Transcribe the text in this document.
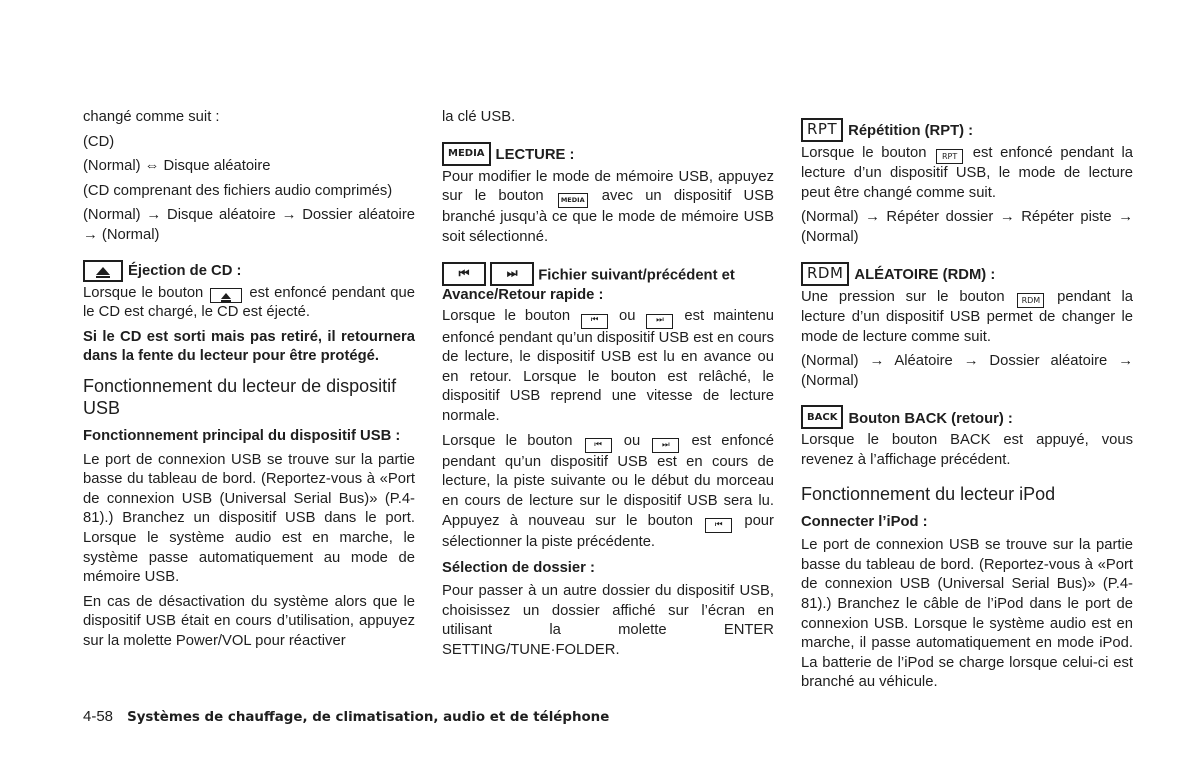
changé comme suit :

(CD)

(Normal) ⇔ Disque aléatoire

(CD comprenant des fichiers audio comprimés)

(Normal) → Disque aléatoire → Dossier aléatoire → (Normal)

Éjection de CD :

Lorsque le bouton	est enfoncé pendant que le CD est chargé, le CD est éjecté.

Si le CD est sorti mais pas retiré, il retournera dans la fente du lecteur pour être protégé.

Fonctionnement du lecteur de dispositif USB

Fonctionnement principal du dispositif USB :

Le port de connexion USB se trouve sur la partie basse du tableau de bord. (Reportez-vous à «Port de connexion USB (Universal Serial Bus)» (P.4-81).) Branchez un dispositif USB dans le port. Lorsque le système audio est en marche, le système passe automatiquement au mode de mémoire USB.

En cas de désactivation du système alors que le dispositif USB était en cours d’utilisation, appuyez sur la molette Power/VOL pour réactiver

la clé USB.

MEDIA LECTURE :

Pour modifier le mode de mémoire USB, appuyez sur le bouton	MEDIA avec un dispositif USB branché jusqu’à ce que le mode de mémoire USB soit sélectionné.

⏮	⏭ Fichier suivant/précédent et Avance/Retour rapide :

Lorsque le bouton ⏮ ou ⏭ est maintenu enfoncé pendant qu’un dispositif USB est en cours de lecture, le dispositif USB est lu en avance ou en retour. Lorsque le bouton est relâché, le dispositif USB reprend une vitesse de lecture normale.

Lorsque le bouton	⏮ ou	⏭ est enfoncé pendant qu’un dispositif USB est en cours de lecture, la piste suivante ou le début du morceau en cours de lecture sur le dispositif USB sera lu. Appuyez à nouveau sur le bouton	⏮ pour sélectionner la piste précédente.

Sélection de dossier :

Pour passer à un autre dossier du dispositif USB, choisissez un dossier affiché sur l’écran en utilisant la molette ENTER SETTING/TUNE·FOLDER.

RPT Répétition (RPT) :

Lorsque le bouton RPT est enfoncé pendant la lecture d’un dispositif USB, le mode de lecture peut être changé comme suit.

(Normal) → Répéter dossier → Répéter piste → (Normal)

RDM ALÉATOIRE (RDM) :

Une pression sur le bouton RDM pendant la lecture d’un dispositif USB permet de changer le mode de lecture comme suit.

(Normal) → Aléatoire → Dossier aléatoire → (Normal)

BACK Bouton BACK (retour) :

Lorsque le bouton BACK est appuyé, vous revenez à l’affichage précédent.

Fonctionnement du lecteur iPod

Connecter l’iPod :

Le port de connexion USB se trouve sur la partie basse du tableau de bord. (Reportez-vous à «Port de connexion USB (Universal Serial Bus)» (P.4-81).) Branchez le câble de l’iPod dans le port de connexion USB. Lorsque le système audio est en marche, il passe automatiquement en mode iPod. La batterie de l’iPod se charge lorsque celui-ci est branché au véhicule.

4-58 Systèmes de chauffage, de climatisation, audio et de téléphone
